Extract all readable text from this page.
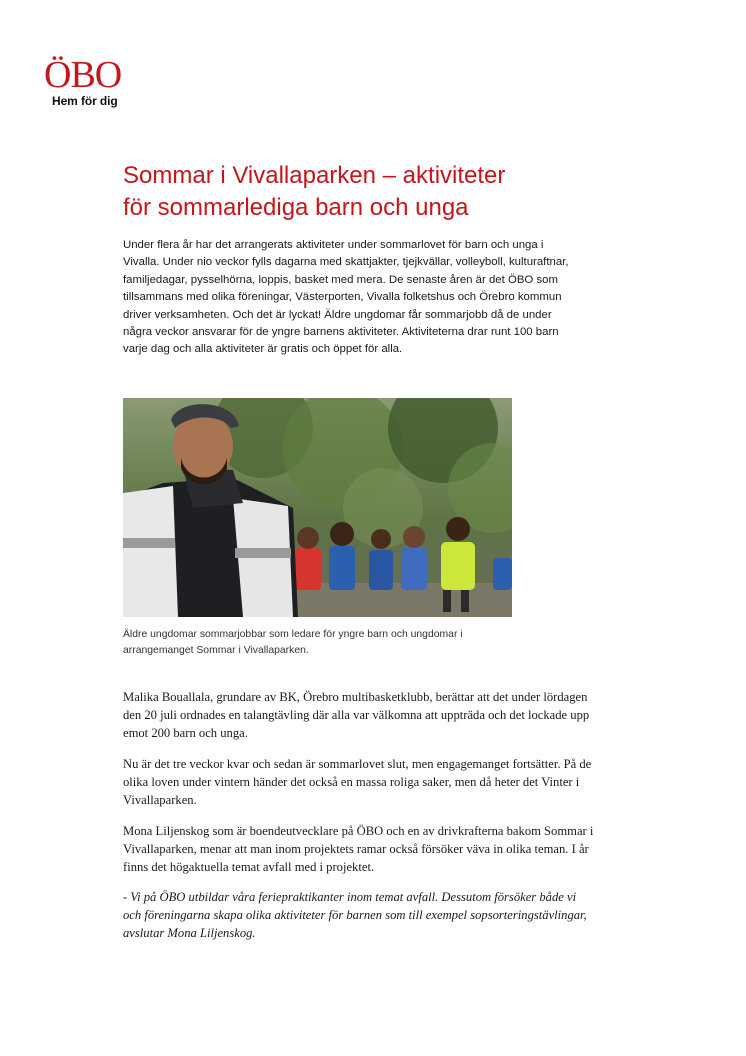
ÖBO
Hem för dig
Sommar i Vivallaparken – aktiviteter
för sommarlediga barn och unga

Under flera år har det arrangerats aktiviteter under sommarlovet för barn och unga i
Vivalla. Under nio veckor fylls dagarna med skattjakter, tjejkvällar, volleyboll, kulturaftnar,
familjedagar, pysselhörna, loppis, basket med mera. De senaste åren är det ÖBO som
tillsammans med olika föreningar, Västerporten, Vivalla folketshus och Örebro kommun
driver verksamheten. Och det är lyckat! Äldre ungdomar får sommarjobb då de under
några veckor ansvarar för de yngre barnens aktiviteter. Aktiviteterna drar runt 100 barn
varje dag och alla aktiviteter är gratis och öppet för alla.

Äldre ungdomar sommarjobbar som ledare för yngre barn och ungdomar i
arrangemanget Sommar i Vivallaparken.

Malika Bouallala, grundare av BK, Örebro multibasketklubb, berättar att det under lördagen
den 20 juli ordnades en talangtävling där alla var välkomna att uppträda och det lockade upp
emot 200 barn och unga.

Nu är det tre veckor kvar och sedan är sommarlovet slut, men engagemanget fortsätter. På de
olika loven under vintern händer det också en massa roliga saker, men då heter det Vinter i
Vivallaparken.

Mona Liljenskog som är boendeutvecklare på ÖBO och en av drivkrafterna bakom Sommar i
Vivallaparken, menar att man inom projektets ramar också försöker väva in olika teman. I år
finns det högaktuella temat avfall med i projektet.

- Vi på ÖBO utbildar våra feriepraktikanter inom temat avfall. Dessutom försöker både vi
och föreningarna skapa olika aktiviteter för barnen som till exempel sopsorteringstävlingar,
avslutar Mona Liljenskog.
